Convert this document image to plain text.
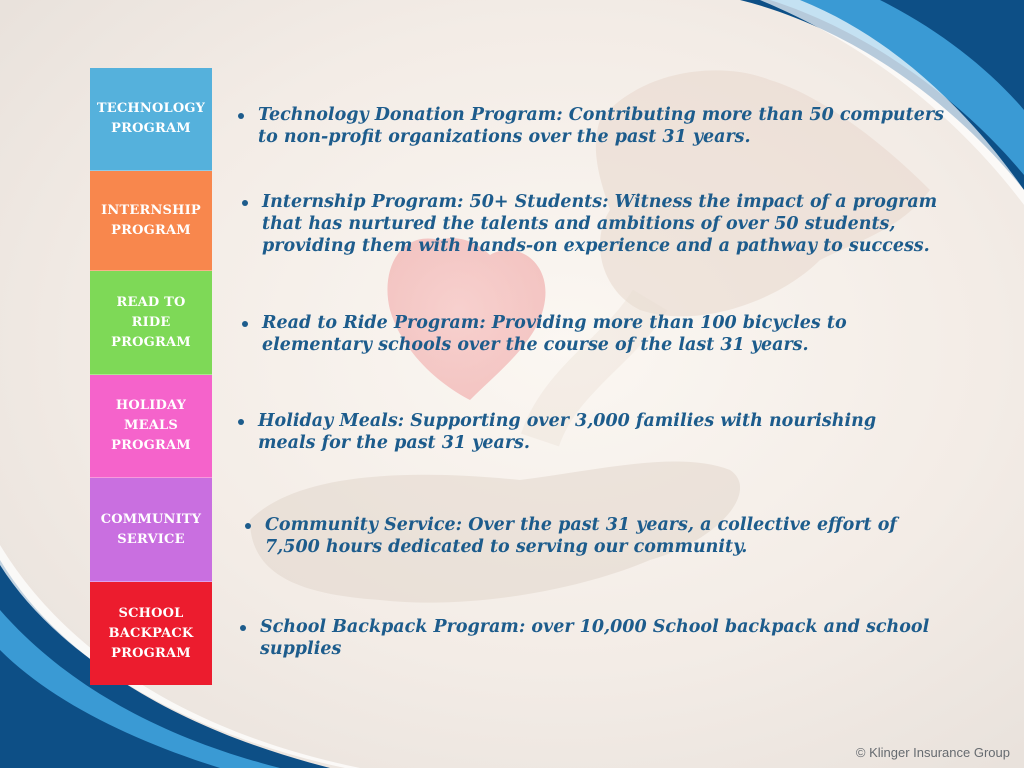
TECHNOLOGY
PROGRAM
INTERNSHIP
PROGRAM
READ TO
RIDE
PROGRAM
HOLIDAY
MEALS
PROGRAM
COMMUNITY
SERVICE
SCHOOL
BACKPACK
PROGRAM
Technology Donation Program: Contributing more than 50 computers
to non-profit organizations over the past 31 years.
Internship Program: 50+ Students: Witness the impact of a program
that has nurtured the talents and ambitions of over 50 students,
providing them with hands-on experience and a pathway to success.
Read to Ride Program: Providing more than 100 bicycles to
elementary schools over the course of the last 31 years.
Holiday Meals: Supporting over 3,000 families with nourishing
meals for the past 31 years.
Community Service: Over the past 31 years, a collective effort of
7,500 hours dedicated to serving our community.
School Backpack Program: over 10,000 School backpack and school
supplies
© Klinger Insurance Group
